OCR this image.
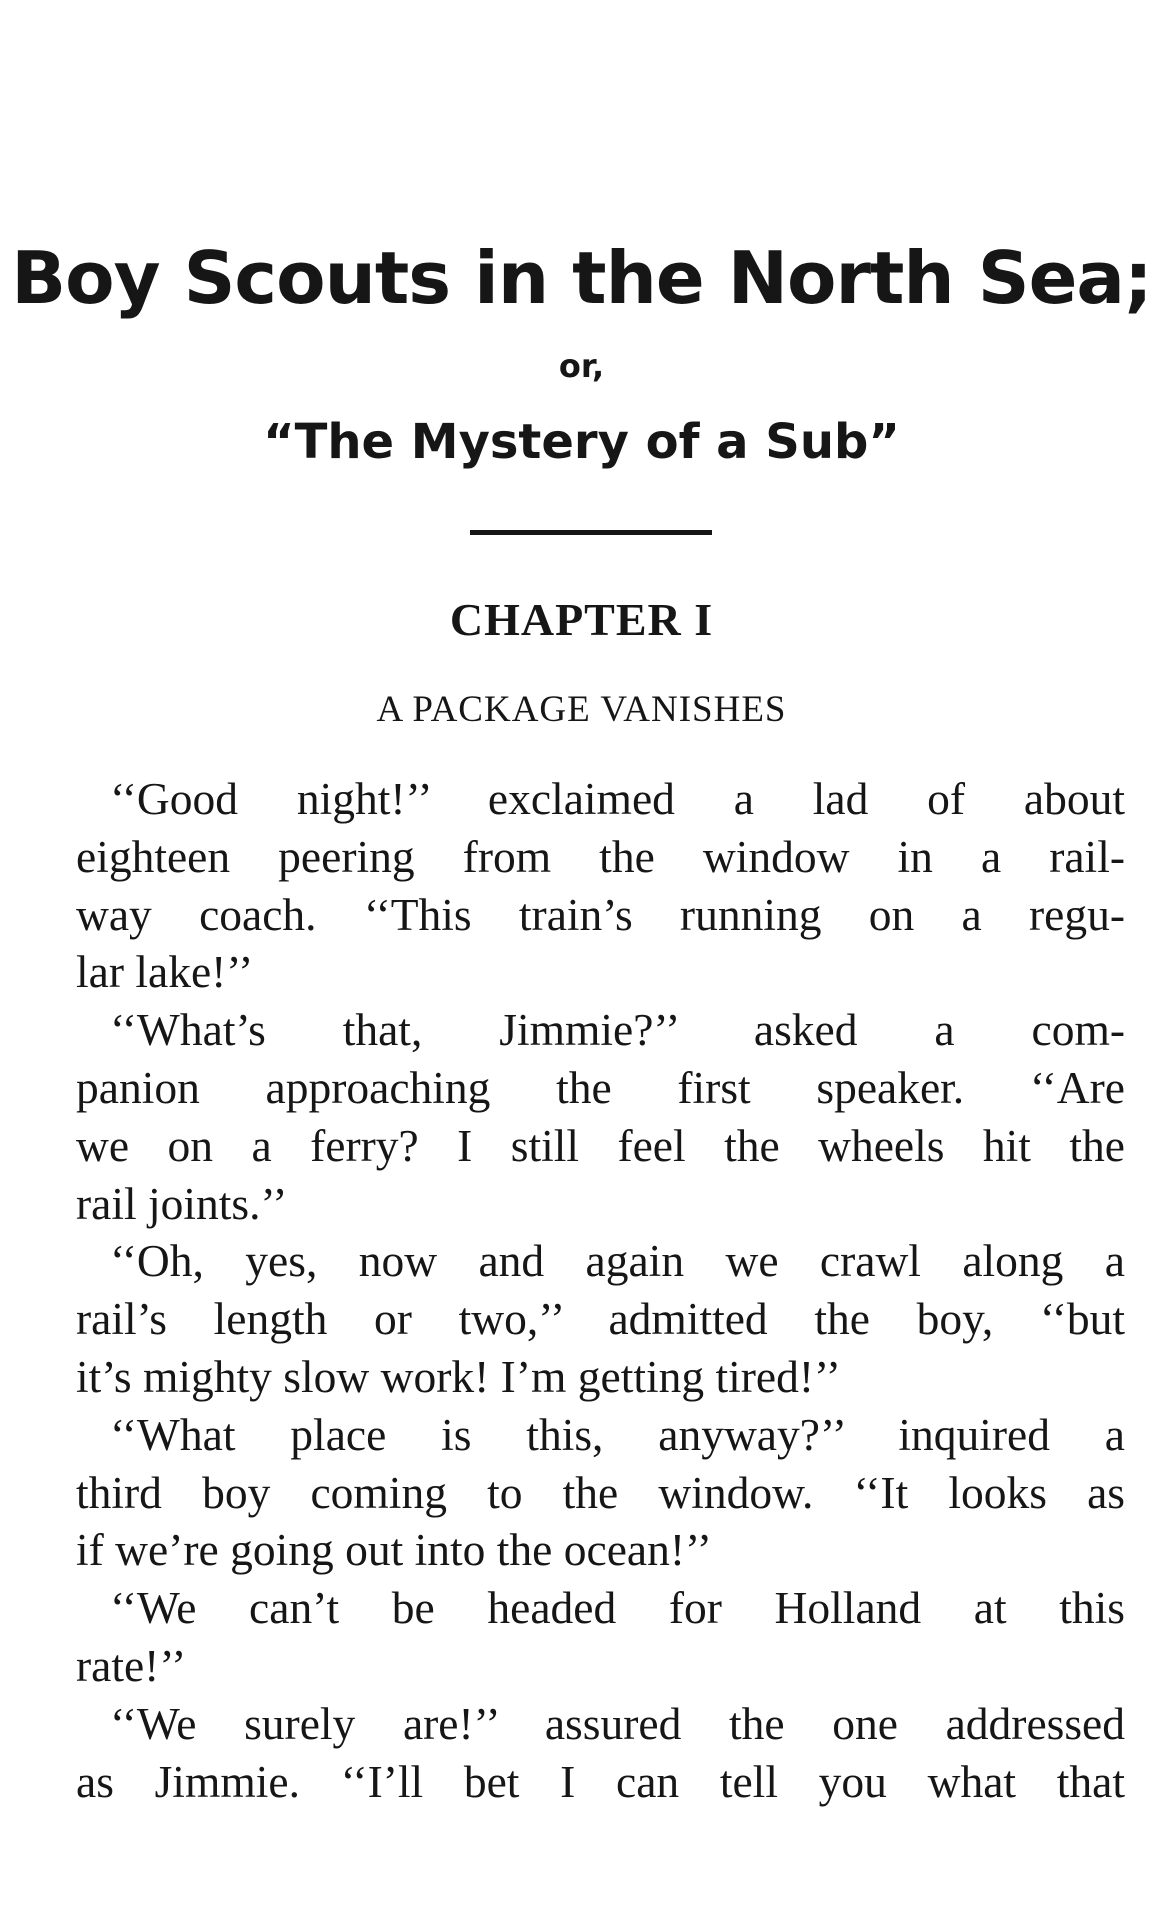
Boy Scouts in the North Sea;
or,
“The Mystery of a Sub”
CHAPTER I
A PACKAGE VANISHES
‘‘Good night!’’ exclaimed a lad of about
eighteen peering from the window in a rail-
way coach. ‘‘This train’s running on a regu-
lar lake!’’
‘‘What’s that, Jimmie?’’ asked a com-
panion approaching the first speaker. ‘‘Are
we on a ferry? I still feel the wheels hit the
rail joints.’’
‘‘Oh, yes, now and again we crawl along a
rail’s length or two,’’ admitted the boy, ‘‘but
it’s mighty slow work! I’m getting tired!’’
‘‘What place is this, anyway?’’ inquired a
third boy coming to the window. ‘‘It looks as
if we’re going out into the ocean!’’
‘‘We can’t be headed for Holland at this
rate!’’
‘‘We surely are!’’ assured the one addressed
as Jimmie. ‘‘I’ll bet I can tell you what that
